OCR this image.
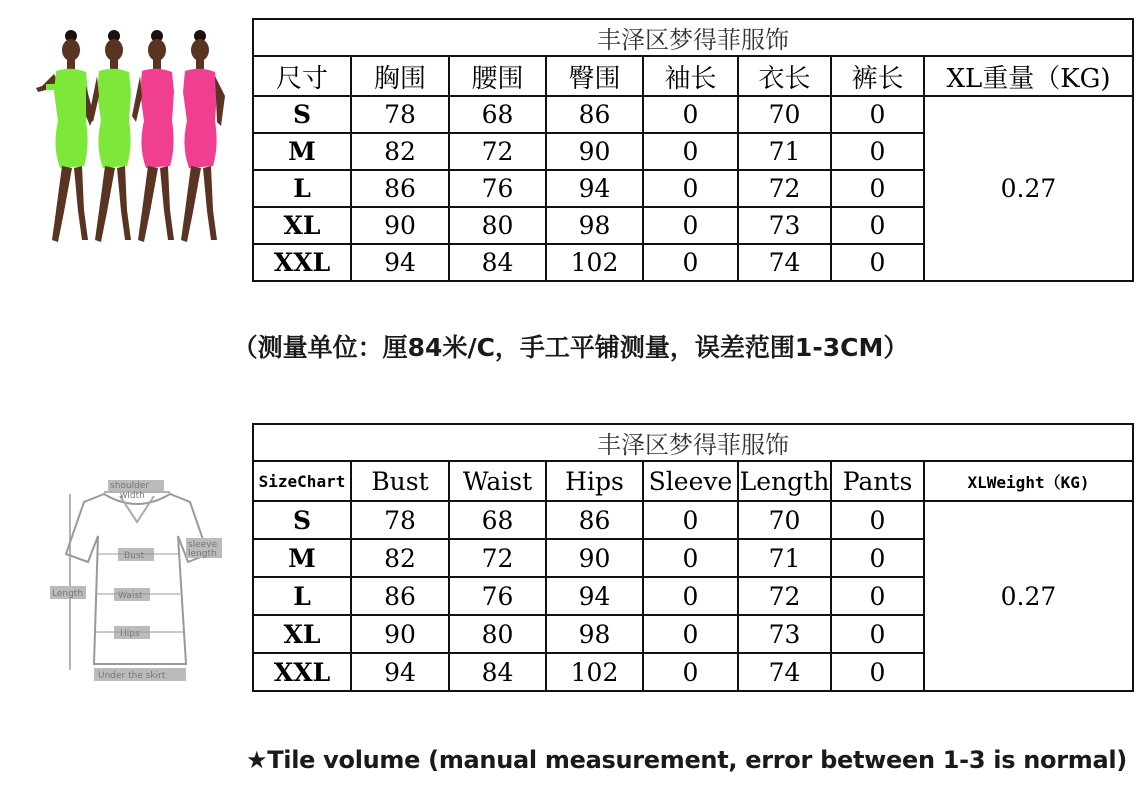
丰泽区梦得菲服饰							
尺寸	胸围	腰围	臀围	袖长	衣长	裤长	XL重量（KG)
S	78	68	86	0	70	0	0.27
M	82	72	90	0	71	0	
L	86	76	94	0	72	0	
XL	90	80	98	0	73	0	
XXL	94	84	102	0	74	0	
（测量单位：厘84米/C，手工平铺测量，误差范围1-3CM）
shoulder
width
Bust
sleeve
length
Length	Waist
Hips
Under the skirt
丰泽区梦得菲服饰							
SizeChart	Bust	Waist	Hips	Sleeve	Length	Pants	XLWeight（KG)
S	78	68	86	0	70	0	0.27
M	82	72	90	0	71	0	
L	86	76	94	0	72	0	
XL	90	80	98	0	73	0	
XXL	94	84	102	0	74	0	
★Tile volume (manual measurement, error between 1-3 is normal)
